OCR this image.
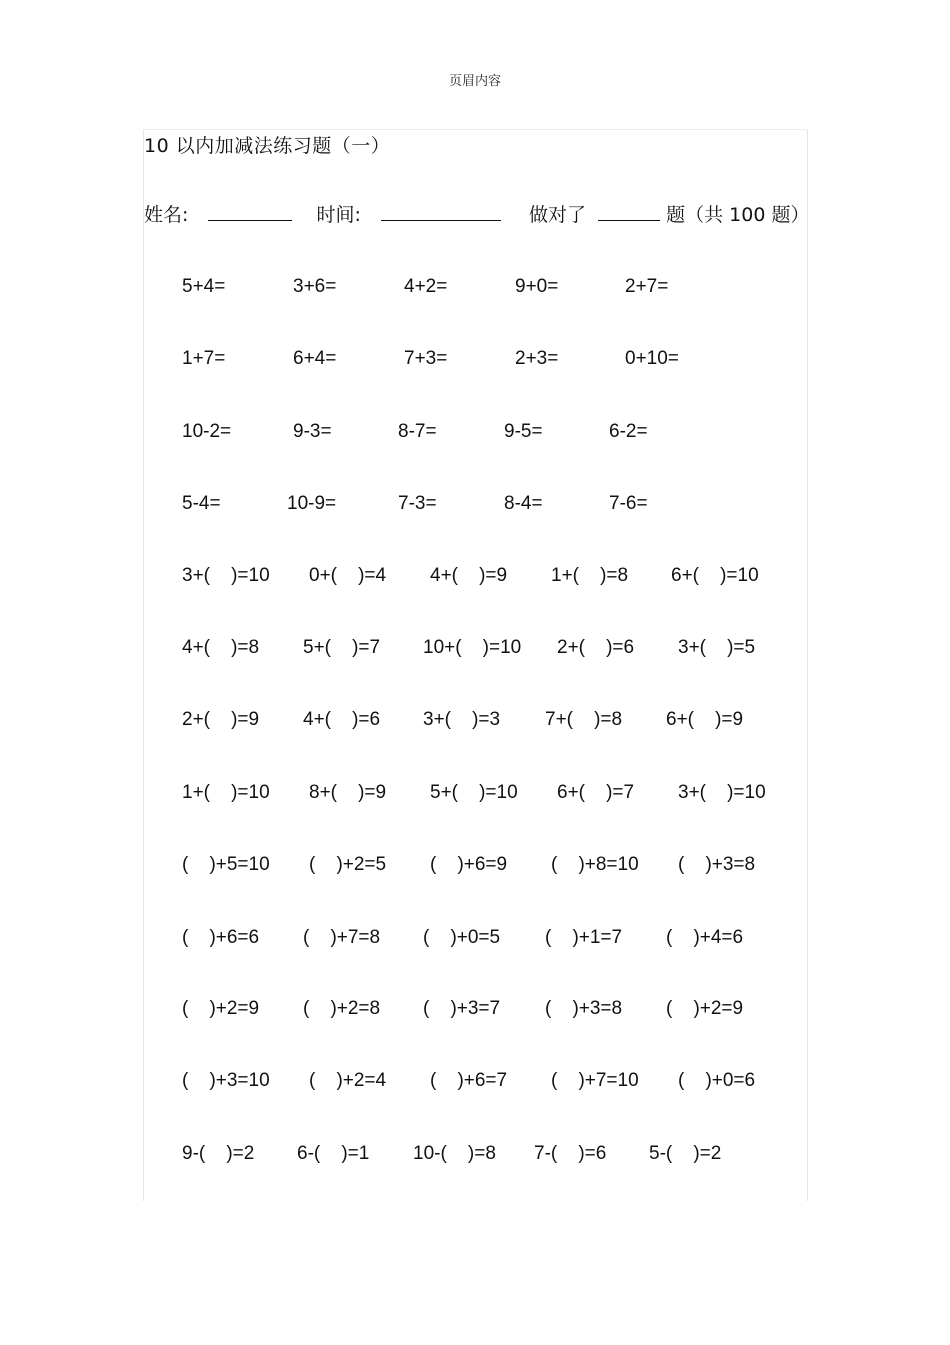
页眉内容
10 以内加减法练习题（一）
姓名:	时间:	做对了	题（共 100 题）
5+4=	3+6=	4+2=	9+0=	2+7=
1+7=	6+4=	7+3=	2+3=	0+10=
10-2=	9-3=	8-7=	9-5=	6-2=
5-4=	10-9=	7-3=	8-4=	7-6=
3+(    )=10 0+(    )=4 4+(    )=9 1+(    )=8 6+(    )=10
4+(    )=8 5+(    )=7 10+(    )=10 2+(    )=6 3+(    )=5
2+(    )=9 4+(    )=6 3+(    )=3 7+(    )=8 6+(    )=9
1+(    )=10 8+(    )=9 5+(    )=10 6+(    )=7 3+(    )=10
(    )+5=10 (    )+2=5 (    )+6=9 (    )+8=10 (    )+3=8
(    )+6=6 (    )+7=8 (    )+0=5 (    )+1=7 (    )+4=6
(    )+2=9 (    )+2=8 (    )+3=7 (    )+3=8 (    )+2=9
(    )+3=10 (    )+2=4 (    )+6=7 (    )+7=10 (    )+0=6
9-(    )=2 6-(    )=1 10-(    )=8 7-(    )=6 5-(    )=2
